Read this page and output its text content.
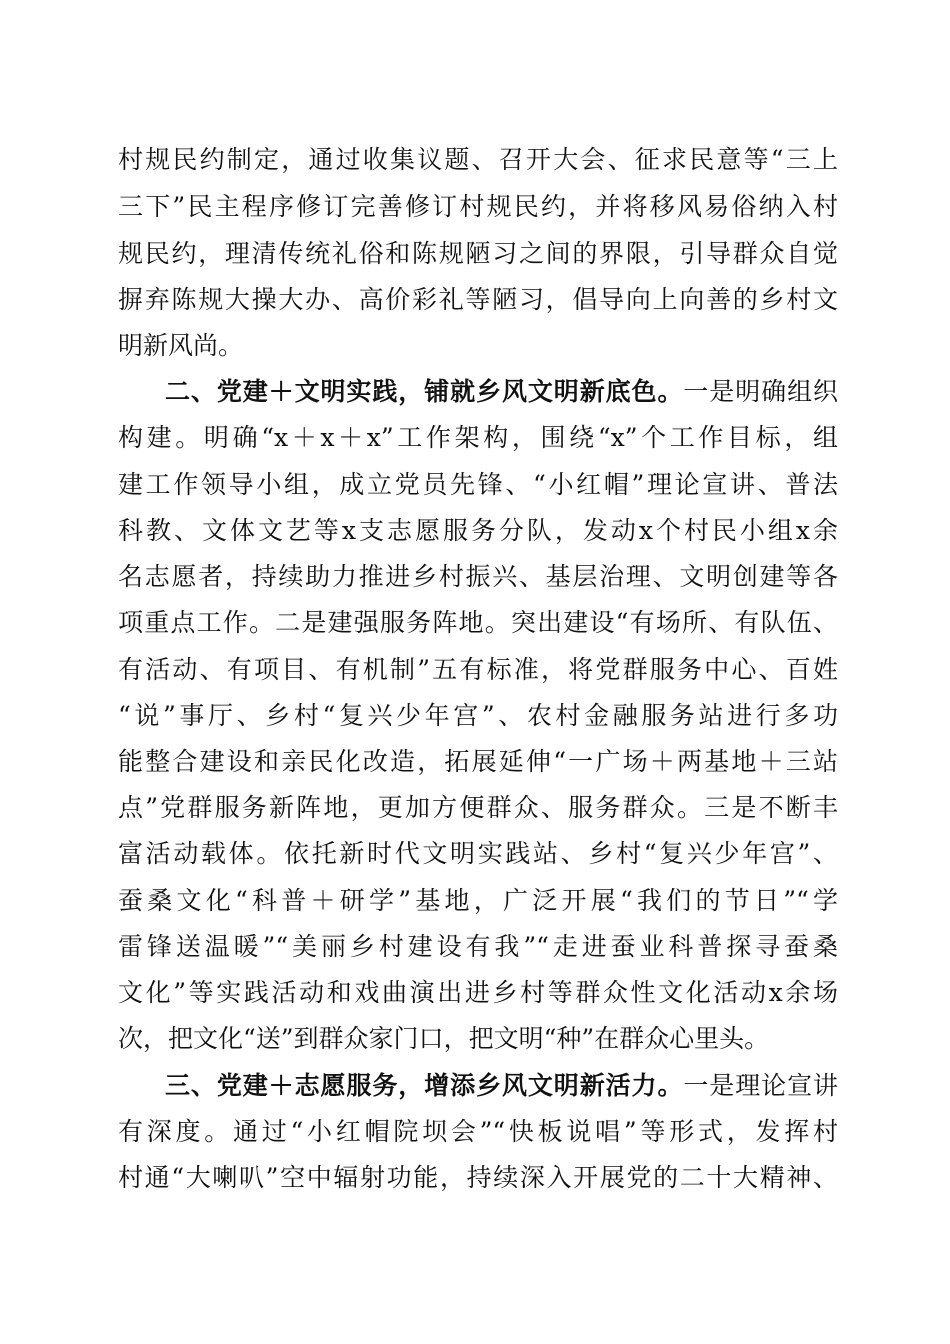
村规民约制定，通过收集议题、召开大会、征求民意等“三上
三下”民主程序修订完善修订村规民约，并将移风易俗纳入村
规民约，理清传统礼俗和陈规陋习之间的界限，引导群众自觉
摒弃陈规大操大办、高价彩礼等陋习，倡导向上向善的乡村文
明新风尚。
二、党建＋文明实践，铺就乡风文明新底色。一是明确组织
构建。明确“x＋x＋x”工作架构，围绕“x”个工作目标，组
建工作领导小组，成立党员先锋、“小红帽”理论宣讲、普法
科教、文体文艺等x支志愿服务分队，发动x个村民小组x余
名志愿者，持续助力推进乡村振兴、基层治理、文明创建等各
项重点工作。二是建强服务阵地。突出建设“有场所、有队伍、
有活动、有项目、有机制”五有标准，将党群服务中心、百姓
“说”事厅、乡村“复兴少年宫”、农村金融服务站进行多功
能整合建设和亲民化改造，拓展延伸“一广场＋两基地＋三站
点”党群服务新阵地，更加方便群众、服务群众。三是不断丰
富活动载体。依托新时代文明实践站、乡村“复兴少年宫”、
蚕桑文化“科普＋研学”基地，广泛开展“我们的节日”“学
雷锋送温暖”“美丽乡村建设有我”“走进蚕业科普探寻蚕桑
文化”等实践活动和戏曲演出进乡村等群众性文化活动x余场
次，把文化“送”到群众家门口，把文明“种”在群众心里头。
三、党建＋志愿服务，增添乡风文明新活力。一是理论宣讲
有深度。通过“小红帽院坝会”“快板说唱”等形式，发挥村
村通“大喇叭”空中辐射功能，持续深入开展党的二十大精神、
